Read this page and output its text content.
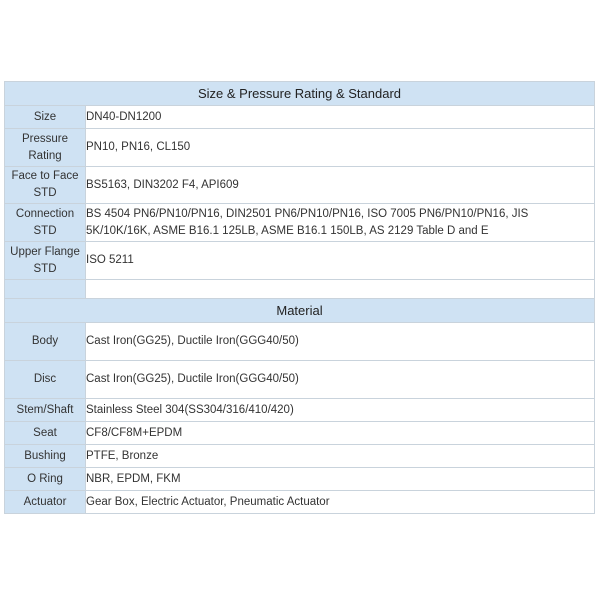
Size & Pressure Rating & Standard	
Size	DN40-DN1200
Pressure Rating	PN10, PN16, CL150
Face to Face STD	BS5163, DIN3202 F4, API609
Connection STD	BS 4504 PN6/PN10/PN16, DIN2501 PN6/PN10/PN16, ISO 7005 PN6/PN10/PN16, JIS 5K/10K/16K, ASME B16.1 125LB, ASME B16.1 150LB, AS 2129 Table D and E
Upper Flange STD	ISO 5211

Material	
Body	Cast Iron(GG25), Ductile Iron(GGG40/50)
Disc	Cast Iron(GG25), Ductile Iron(GGG40/50)
Stem/Shaft	Stainless Steel 304(SS304/316/410/420)
Seat	CF8/CF8M+EPDM
Bushing	PTFE, Bronze
O Ring	NBR, EPDM, FKM
Actuator	Gear Box, Electric Actuator, Pneumatic Actuator
